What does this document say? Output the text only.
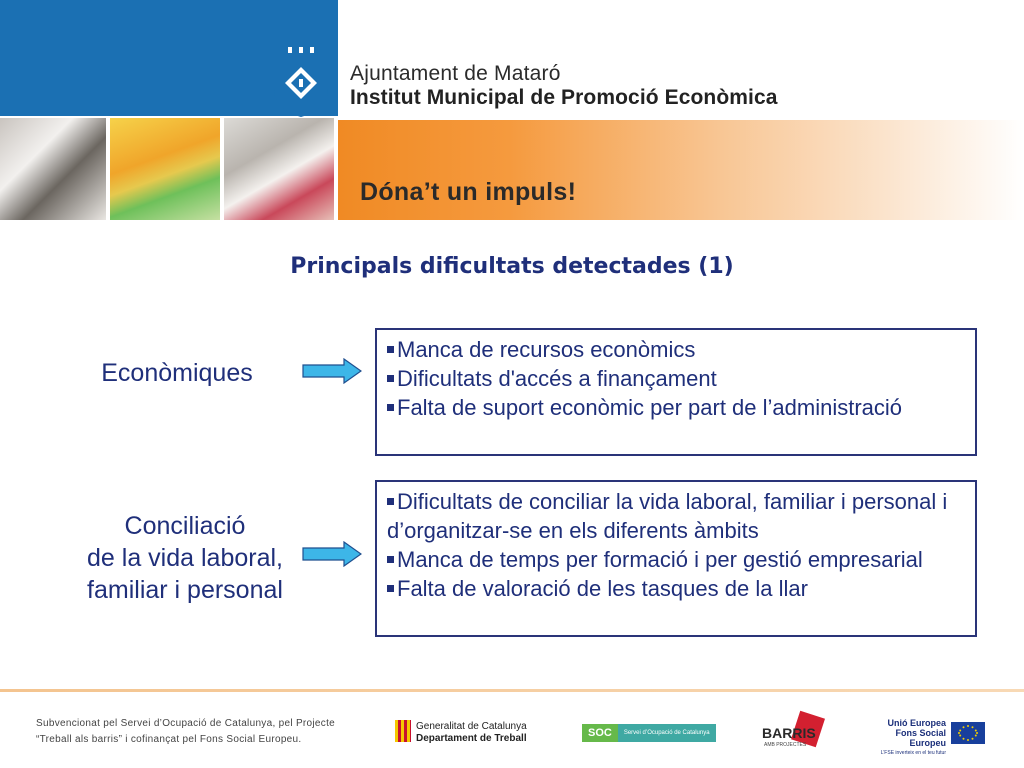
Ajuntament de Mataró
Institut Municipal de Promoció Econòmica
Dóna’t un impuls!
Principals dificultats detectades (1)
Econòmiques
Manca de recursos econòmics
Dificultats d'accés a finançament
Falta de suport econòmic per part de l’administració
Conciliació
de la vida laboral,
familiar i personal
Dificultats de conciliar la vida laboral, familiar i personal i d’organitzar-se en els diferents àmbits
Manca de temps per formació i per gestió empresarial
Falta de valoració de les tasques de la llar
Subvencionat pel Servei d’Ocupació de Catalunya, pel Projecte
“Treball als barris” i cofinançat pel Fons Social Europeu.
Generalitat de Catalunya
Departament de Treball	SOC	Servei d’Ocupació de Catalunya	BARRIS
AMB PROJECTES
Unió Europea
Fons Social Europeu
L’FSE inverteix en el teu futur
